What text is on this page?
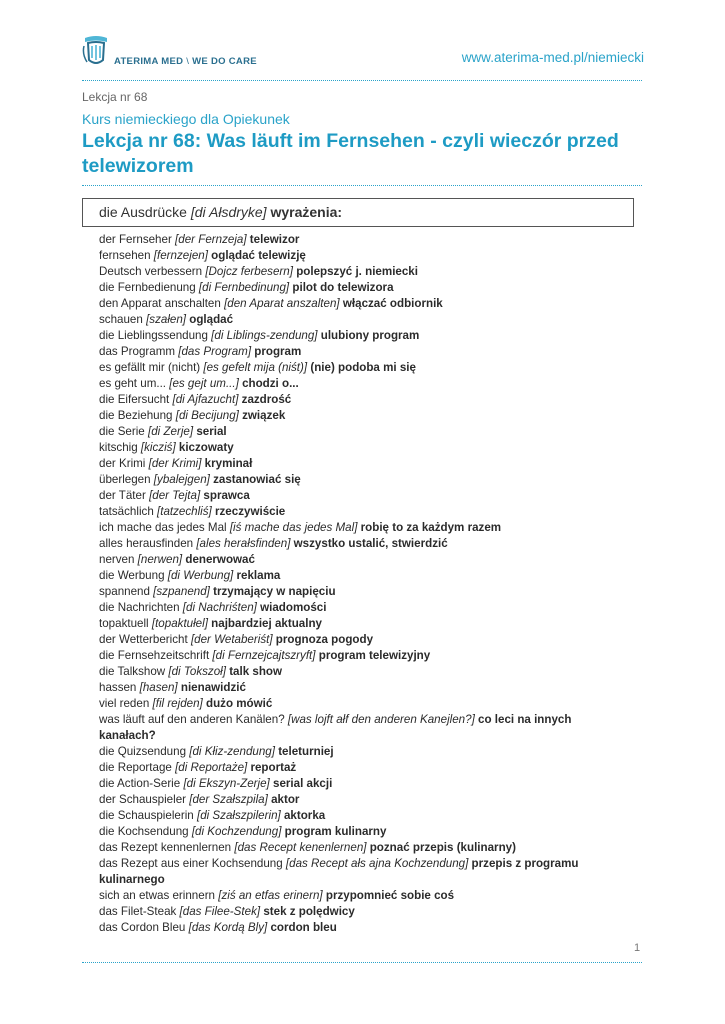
ATERIMA MED \ WE DO CARE	www.aterima-med.pl/niemiecki
Lekcja nr 68
Kurs niemieckiego dla Opiekunek
Lekcja nr 68: Was läuft im Fernsehen - czyli wieczór przed telewizorem
die Ausdrücke [di Ałsdryke] wyrażenia:
der Fernseher [der Fernzeja] telewizor
fernsehen [fernzejen] oglądać telewizję
Deutsch verbessern [Dojcz ferbesern] polepszyć j. niemiecki
die Fernbedienung [di Fernbedinung] pilot do telewizora
den Apparat anschalten [den Aparat anszalten] włączać odbiornik
schauen [szałen] oglądać
die Lieblingssendung [di Liblings-zendung] ulubiony program
das Programm [das Program] program
es gefällt mir (nicht) [es gefelt mija (niśt)] (nie) podoba mi się
es geht um... [es gejt um...] chodzi o...
die Eifersucht [di Ajfazucht] zazdrość
die Beziehung [di Becijung] związek
die Serie [di Zerje] serial
kitschig [kicziś] kiczowaty
der Krimi [der Krimi] kryminał
überlegen [ybalejgen] zastanowiać się
der Täter [der Tejta] sprawca
tatsächlich [tatzechliś] rzeczywiście
ich mache das jedes Mal [iś mache das jedes Mal] robię to za każdym razem
alles herausfinden [ales herałsfinden] wszystko ustalić, stwierdzić
nerven [nerwen] denerwować
die Werbung [di Werbung] reklama
spannend [szpanend] trzymający w napięciu
die Nachrichten [di Nachriśten] wiadomości
topaktuell [topaktułel] najbardziej aktualny
der Wetterbericht [der Wetaberiśt] prognoza pogody
die Fernsehzeitschrift [di Fernzejcajtszryft] program telewizyjny
die Talkshow [di Tokszoł] talk show
hassen [hasen] nienawidzić
viel reden [fil rejden] dużo mówić
was läuft auf den anderen Kanälen? [was lojft ałf den anderen Kanejlen?] co leci na innych kanałach?
die Quizsendung [di Kłiz-zendung] teleturniej
die Reportage [di Reportaże] reportaż
die Action-Serie [di Ekszyn-Zerje] serial akcji
der Schauspieler [der Szałszpila] aktor
die Schauspielerin [di Szałszpilerin] aktorka
die Kochsendung [di Kochzendung] program kulinarny
das Rezept kennenlernen [das Recept kenenlernen] poznać przepis (kulinarny)
das Rezept aus einer Kochsendung [das Recept ałs ajna Kochzendung] przepis z programu kulinarnego
sich an etwas erinnern [ziś an etfas erinern] przypomnieć sobie coś
das Filet-Steak [das Filee-Stek] stek z polędwicy
das Cordon Bleu [das Kordą Bly] cordon bleu
1
